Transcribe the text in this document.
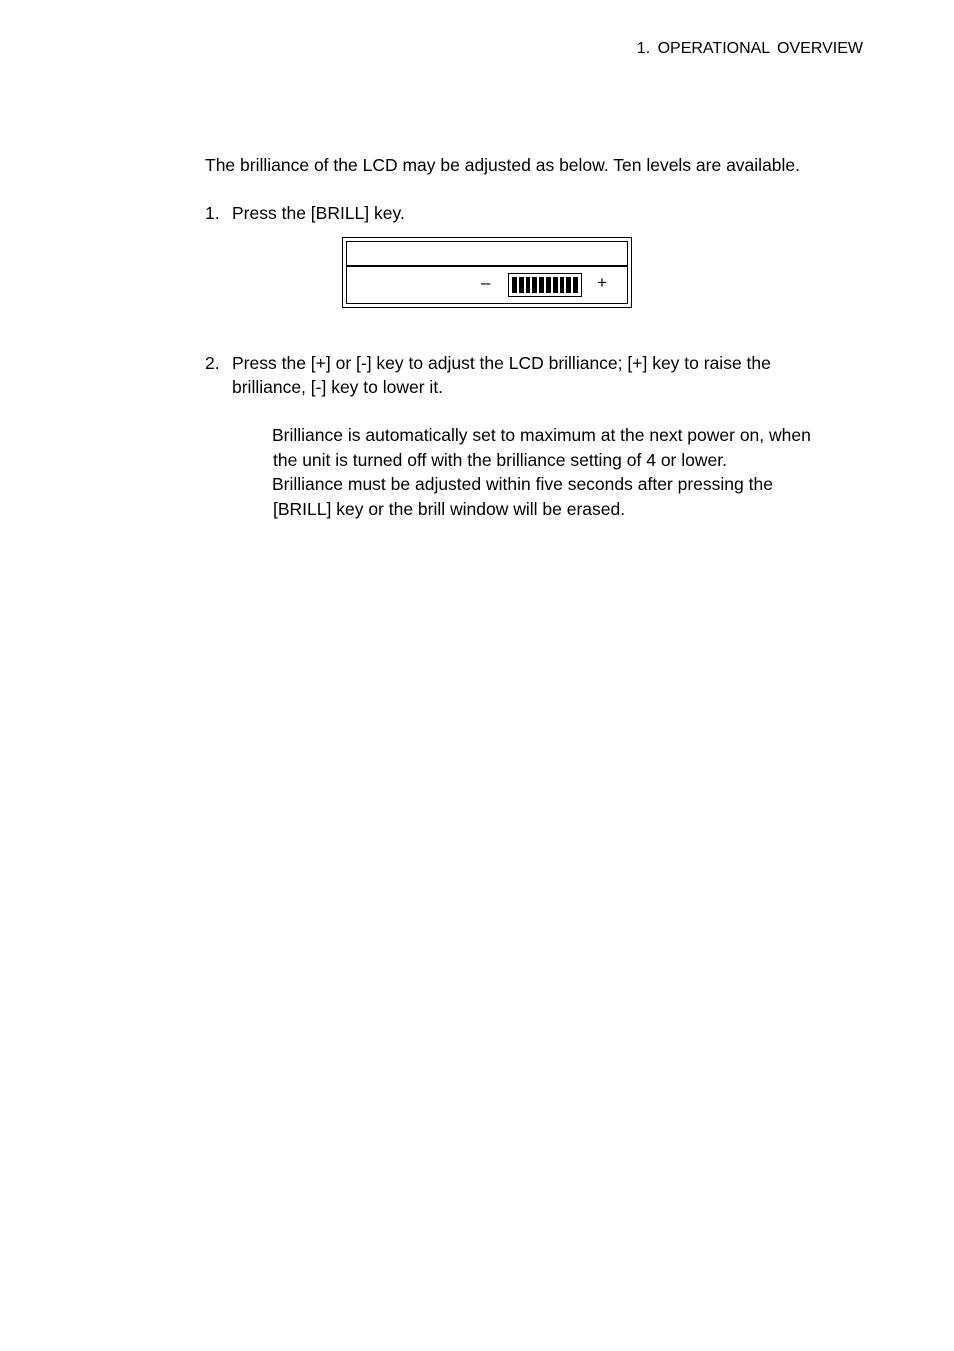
1. OPERATIONAL OVERVIEW
The brilliance of the LCD may be adjusted as below. Ten levels are available.
1. Press the [BRILL] key.
–	+
2. Press the [+] or [-] key to adjust the LCD brilliance; [+] key to raise the
brilliance, [-] key to lower it.
Brilliance is automatically set to maximum at the next power on, when
the unit is turned off with the brilliance setting of 4 or lower.
Brilliance must be adjusted within five seconds after pressing the
[BRILL] key or the brill window will be erased.
